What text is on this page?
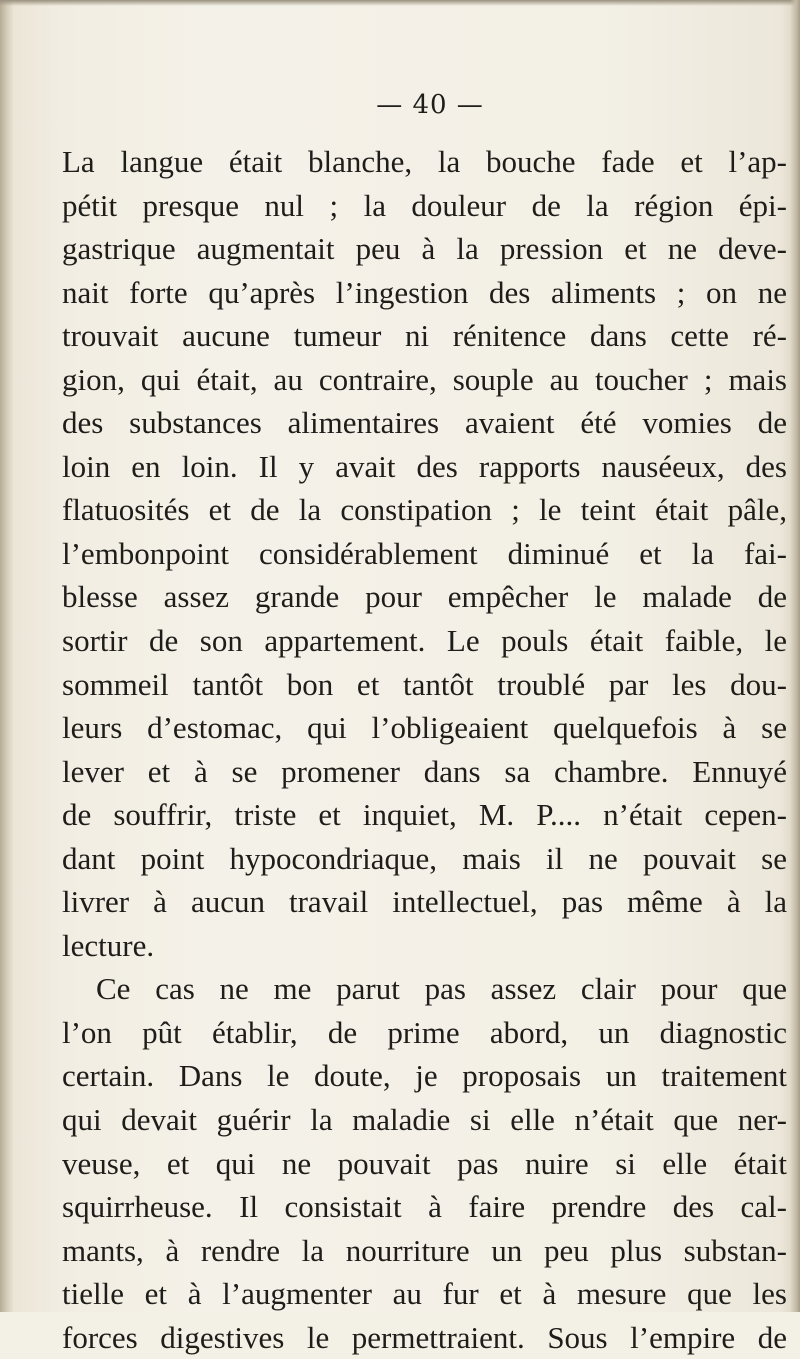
— 40 —
La langue était blanche, la bouche fade et l’ap-
pétit presque nul ; la douleur de la région épi-
gastrique augmentait peu à la pression et ne deve-
nait forte qu’après l’ingestion des aliments ; on ne
trouvait aucune tumeur ni rénitence dans cette ré-
gion, qui était, au contraire, souple au toucher ; mais
des substances alimentaires avaient été vomies de
loin en loin. Il y avait des rapports nauséeux, des
flatuosités et de la constipation ; le teint était pâle,
l’embonpoint considérablement diminué et la fai-
blesse assez grande pour empêcher le malade de
sortir de son appartement. Le pouls était faible, le
sommeil tantôt bon et tantôt troublé par les dou-
leurs d’estomac, qui l’obligeaient quelquefois à se
lever et à se promener dans sa chambre. Ennuyé
de souffrir, triste et inquiet, M. P.... n’était cepen-
dant point hypocondriaque, mais il ne pouvait se
livrer à aucun travail intellectuel, pas même à la
lecture.
Ce cas ne me parut pas assez clair pour que
l’on pût établir, de prime abord, un diagnostic
certain. Dans le doute, je proposais un traitement
qui devait guérir la maladie si elle n’était que ner-
veuse, et qui ne pouvait pas nuire si elle était
squirrheuse. Il consistait à faire prendre des cal-
mants, à rendre la nourriture un peu plus substan-
tielle et à l’augmenter au fur et à mesure que les
forces digestives le permettraient. Sous l’empire de
